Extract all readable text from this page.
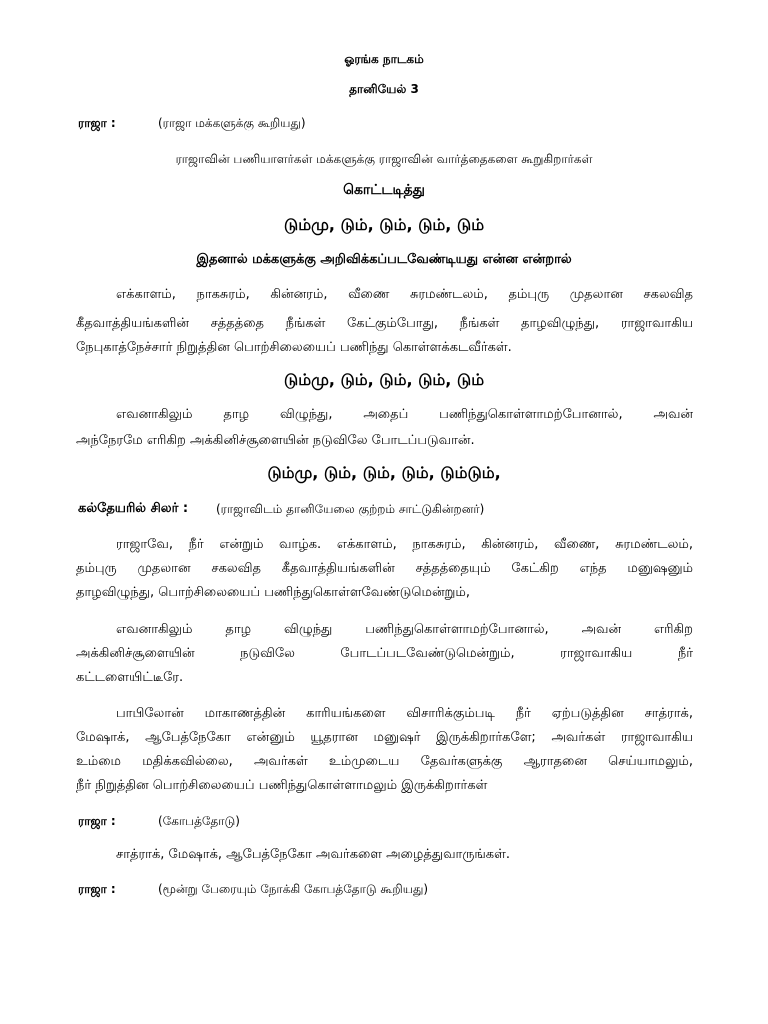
ஓரங்க நாடகம்
தானியேல் 3
ராஜா :	(ராஜா மக்களுக்கு கூறியது)
ராஜாவின் பணியாளர்கள் மக்களுக்கு ராஜாவின் வார்த்தைகளை கூறுகிறார்கள்
கொட்டடித்து
டும்மு, டும், டும், டும், டும்
இதனால் மக்களுக்கு அறிவிக்கப்படவேண்டியது என்ன என்றால்
எக்காளம், நாகசுரம், கின்னரம், வீணை சுரமண்டலம், தம்புரு முதலான சகலவித
கீதவாத்தியங்களின் சத்தத்தை நீங்கள் கேட்கும்போது, நீங்கள் தாழவிழுந்து, ராஜாவாகிய
நேபுகாத்நேச்சார் நிறுத்தின பொற்சிலையைப் பணிந்து கொள்ளக்கடவீர்கள்.
டும்மு, டும், டும், டும், டும்
எவனாகிலும் தாழ விழுந்து, அதைப் பணிந்துகொள்ளாமற்போனால், அவன்
அந்நேரமே எரிகிற அக்கினிச்சூளையின் நடுவிலே போடப்படுவான்.
டும்மு, டும், டும், டும், டும்டும்,
கல்தேயரில் சிலர் : (ராஜாவிடம் தானியேலை குற்றம் சாட்டுகின்றனர்)
ராஜாவே, நீர் என்றும் வாழ்க. எக்காளம், நாகசுரம், கின்னரம், வீணை, சுரமண்டலம்,
தம்புரு முதலான சகலவித கீதவாத்தியங்களின் சத்தத்தையும் கேட்கிற எந்த மனுஷனும்
தாழவிழுந்து, பொற்சிலையைப் பணிந்துகொள்ளவேண்டுமென்றும்,
எவனாகிலும் தாழ விழுந்து பணிந்துகொள்ளாமற்போனால், அவன் எரிகிற
அக்கினிச்சூளையின் நடுவிலே போடப்படவேண்டுமென்றும், ராஜாவாகிய நீர்
கட்டளையிட்டீரே.
பாபிலோன் மாகாணத்தின் காரியங்களை விசாரிக்கும்படி நீர் ஏற்படுத்தின சாத்ராக்,
மேஷாக், ஆபேத்நேகோ என்னும் யூதரான மனுஷர் இருக்கிறார்களே; அவர்கள் ராஜாவாகிய
உம்மை மதிக்கவில்லை, அவர்கள் உம்முடைய தேவர்களுக்கு ஆராதனை செய்யாமலும்,
நீர் நிறுத்தின பொற்சிலையைப் பணிந்துகொள்ளாமலும் இருக்கிறார்கள்
ராஜா :	(கோபத்தோடு)
சாத்ராக், மேஷாக், ஆபேத்நேகோ அவர்களை அழைத்துவாருங்கள்.
ராஜா :	(மூன்று பேரையும் நோக்கி கோபத்தோடு கூறியது)
